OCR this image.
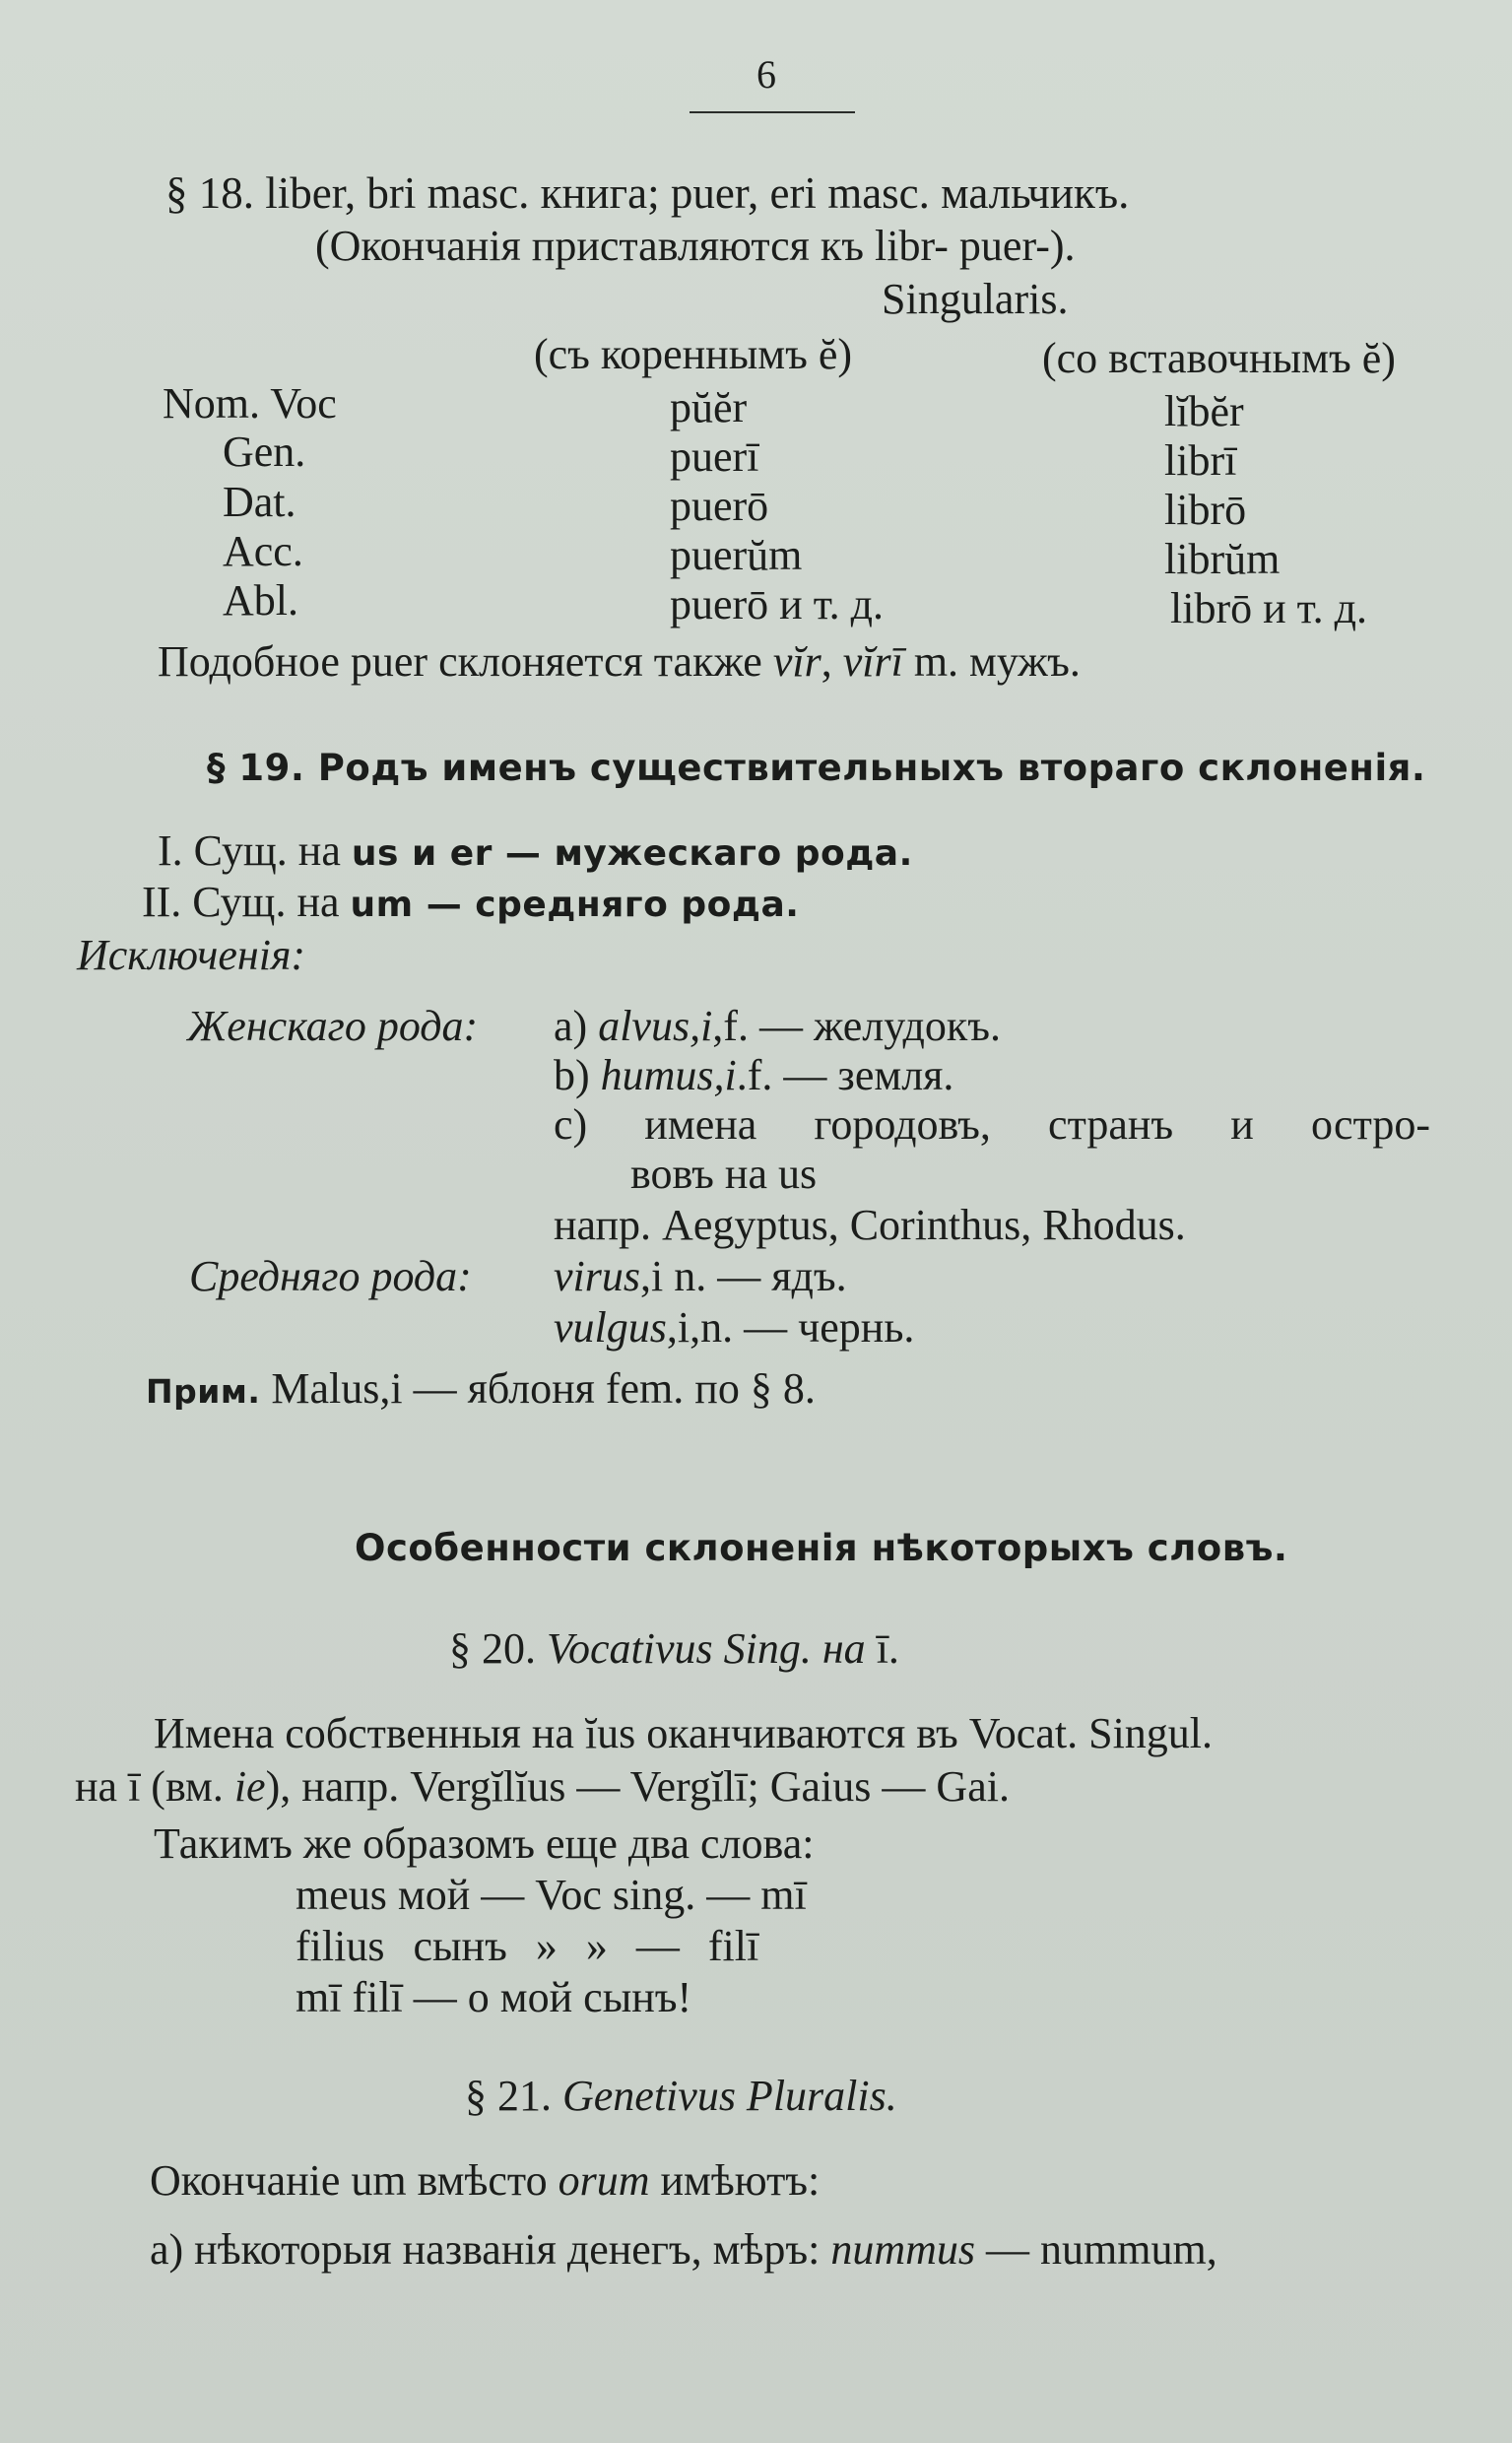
6
§ 18. liber, bri masc. книга; puer, eri masc. мальчикъ.
(Окончанія приставляются къ libr- puer-).
Singularis.
(съ кореннымъ ĕ)	(со вставочнымъ ĕ)
Nom. Voc
Gen.
Dat.
Acc.
Abl.
pŭĕr
puerī
puerō
puerŭm
puerō и т. д.
lĭbĕr
librī
librō
librŭm
librō и т. д.
Подобное puer склоняется также vĭr, vĭrī m. мужъ.
§ 19. Родъ именъ существительныхъ втораго склоненія.
I. Сущ. на us и er — мужескаго рода.
II. Сущ. на um — средняго рода.
Исключенія:
Женскаго рода: a) alvus,i,f. — желудокъ.
b) humus,i.f. — земля.
c) имена городовъ, странъ и остро-
вовъ на us
напр. Aegyptus, Corinthus, Rhodus.
Средняго рода: virus,i n. — ядъ.
vulgus,i,n. — чернь.
Прим. Malus,i — яблоня fem. по § 8.
Особенности склоненія нѣкоторыхъ словъ.
§ 20. Vocativus Sing. на ī.
Имена собственныя на ĭus оканчиваются въ Vocat. Singul.
на ī (вм. ie), напр. Vergĭlĭus — Vergĭlī; Gaius — Gai.
Такимъ же образомъ еще два слова:
meus мой — Voc sing. — mī
filius сынъ » » — filī
mī filī — о мой сынъ!
§ 21. Genetivus Pluralis.
Окончаніе um вмѣсто orum имѣютъ:
a) нѣкоторыя названія денегъ, мѣръ: nummus — nummum,
